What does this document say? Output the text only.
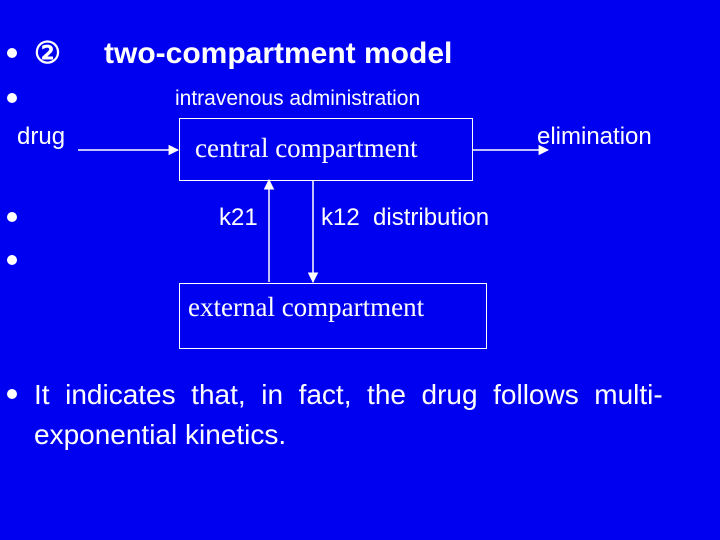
② two-compartment model
intravenous administration
drug	central compartment	elimination
k21	k12  distribution
external compartment
It  indicates  that,  in  fact,  the  drug  follows  multi-
exponential kinetics.
